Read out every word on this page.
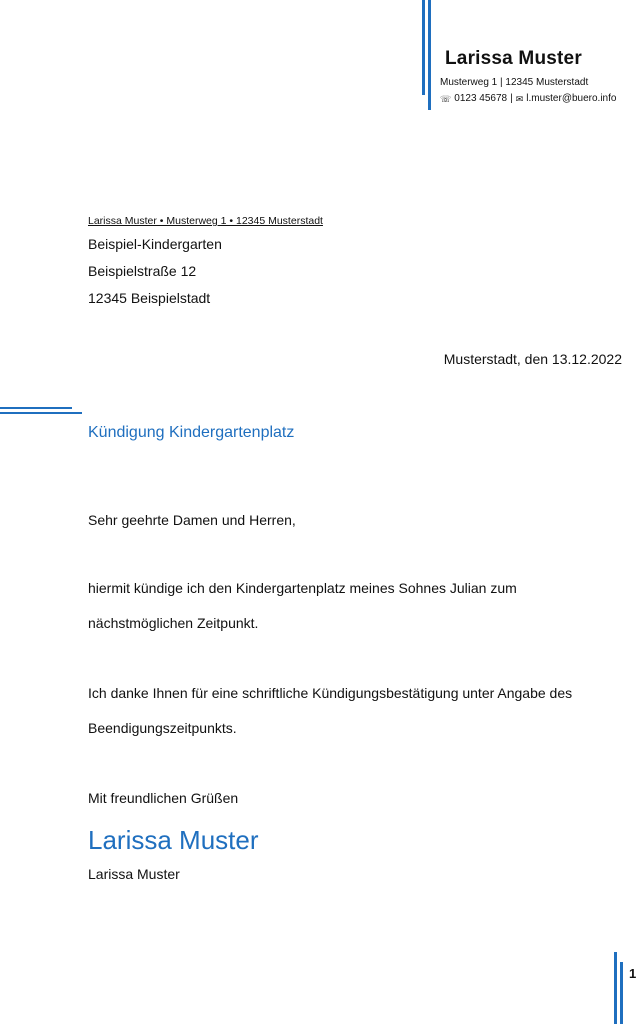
Larissa Muster
Musterweg 1 | 12345 Musterstadt
☏ 0123 45678 | ✉ l.muster@buero.info
Larissa Muster • Musterweg 1 • 12345 Musterstadt
Beispiel-Kindergarten
Beispielstraße 12
12345 Beispielstadt
Musterstadt, den 13.12.2022
Kündigung Kindergartenplatz
Sehr geehrte Damen und Herren,
hiermit kündige ich den Kindergartenplatz meines Sohnes Julian zum
nächstmöglichen Zeitpunkt.
Ich danke Ihnen für eine schriftliche Kündigungsbestätigung unter Angabe des
Beendigungszeitpunkts.
Mit freundlichen Grüßen
Larissa Muster
Larissa Muster
1
